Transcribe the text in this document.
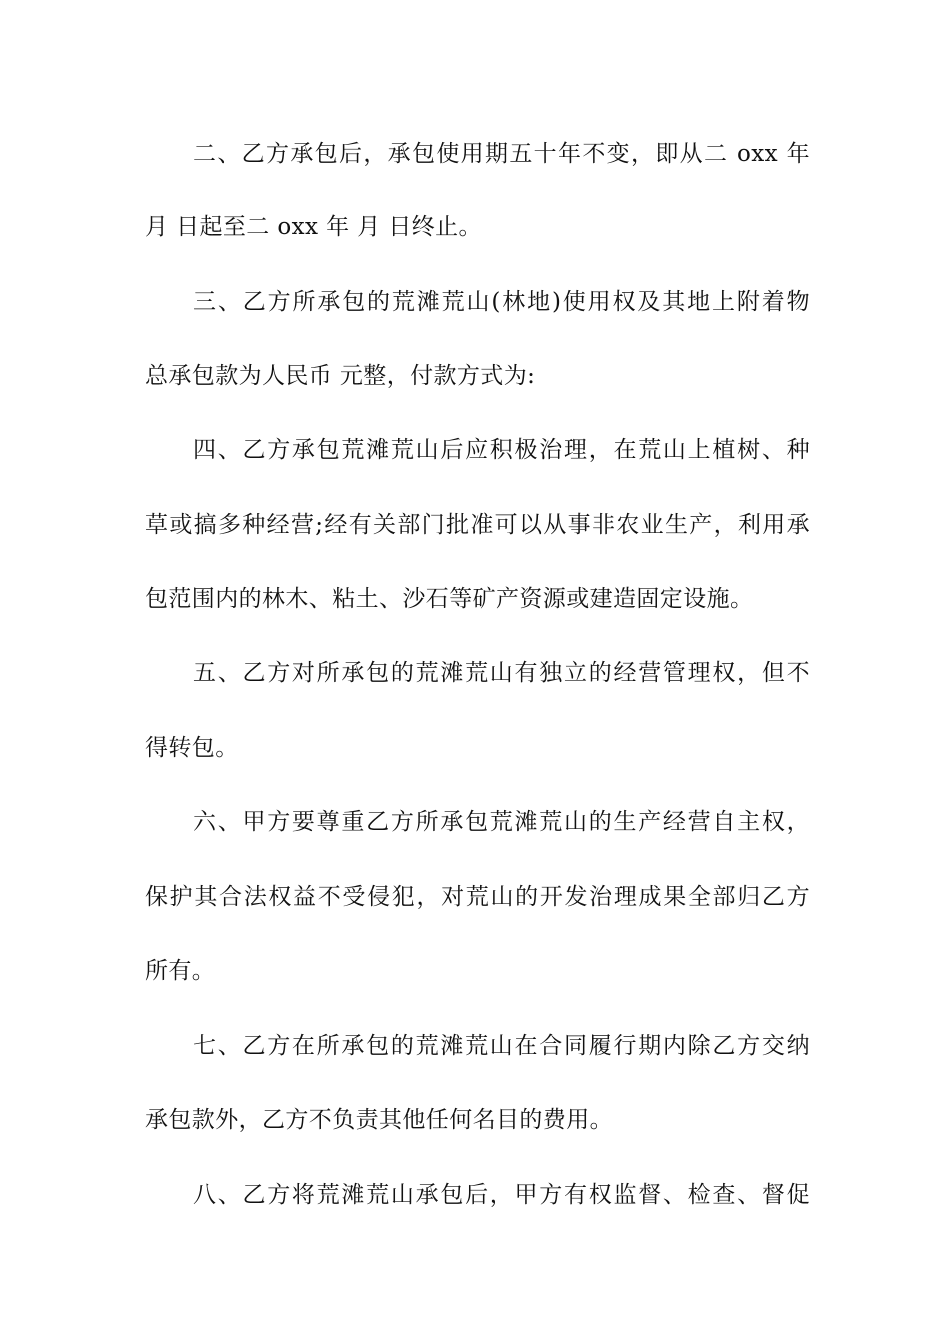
二、乙方承包后，承包使用期五十年不变，即从二 oxx 年
月 日起至二 oxx 年 月 日终止。
三、乙方所承包的荒滩荒山(林地)使用权及其地上附着物
总承包款为人民币 元整，付款方式为:
四、乙方承包荒滩荒山后应积极治理，在荒山上植树、种
草或搞多种经营;经有关部门批准可以从事非农业生产，利用承
包范围内的林木、粘土、沙石等矿产资源或建造固定设施。
五、乙方对所承包的荒滩荒山有独立的经营管理权，但不
得转包。
六、甲方要尊重乙方所承包荒滩荒山的生产经营自主权，
保护其合法权益不受侵犯，对荒山的开发治理成果全部归乙方
所有。
七、乙方在所承包的荒滩荒山在合同履行期内除乙方交纳
承包款外，乙方不负责其他任何名目的费用。
八、乙方将荒滩荒山承包后，甲方有权监督、检查、督促
